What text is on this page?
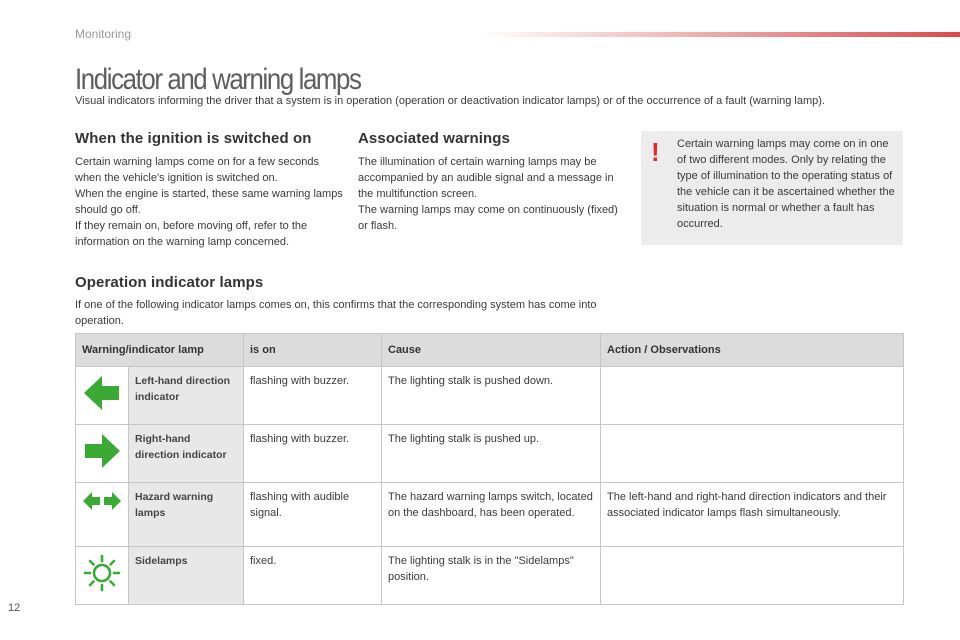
Monitoring
Indicator and warning lamps
Visual indicators informing the driver that a system is in operation (operation or deactivation indicator lamps) or of the occurrence of a fault (warning lamp).
When the ignition is switched on

Certain warning lamps come on for a few seconds when the vehicle's ignition is switched on.

When the engine is started, these same warning lamps should go off.

If they remain on, before moving off, refer to the information on the warning lamp concerned.

Associated warnings

The illumination of certain warning lamps may be accompanied by an audible signal and a message in the multifunction screen.

The warning lamps may come on continuously (fixed) or flash.

! Certain warning lamps may come on in one of two different modes. Only by relating the type of illumination to the operating status of the vehicle can it be ascertained whether the situation is normal or whether a fault has occurred.
Operation indicator lamps
If one of the following indicator lamps comes on, this confirms that the corresponding system has come into operation.
Warning/indicator lamp		is on	Cause	Action / Observations
	Left-hand direction indicator	flashing with buzzer.	The lighting stalk is pushed down.	
	Right-hand direction indicator	flashing with buzzer.	The lighting stalk is pushed up.	
	Hazard warning lamps	flashing with audible signal.	The hazard warning lamps switch, located on the dashboard, has been operated.	The left-hand and right-hand direction indicators and their associated indicator lamps flash simultaneously.
	Sidelamps	fixed.	The lighting stalk is in the "Sidelamps" position.	
12
